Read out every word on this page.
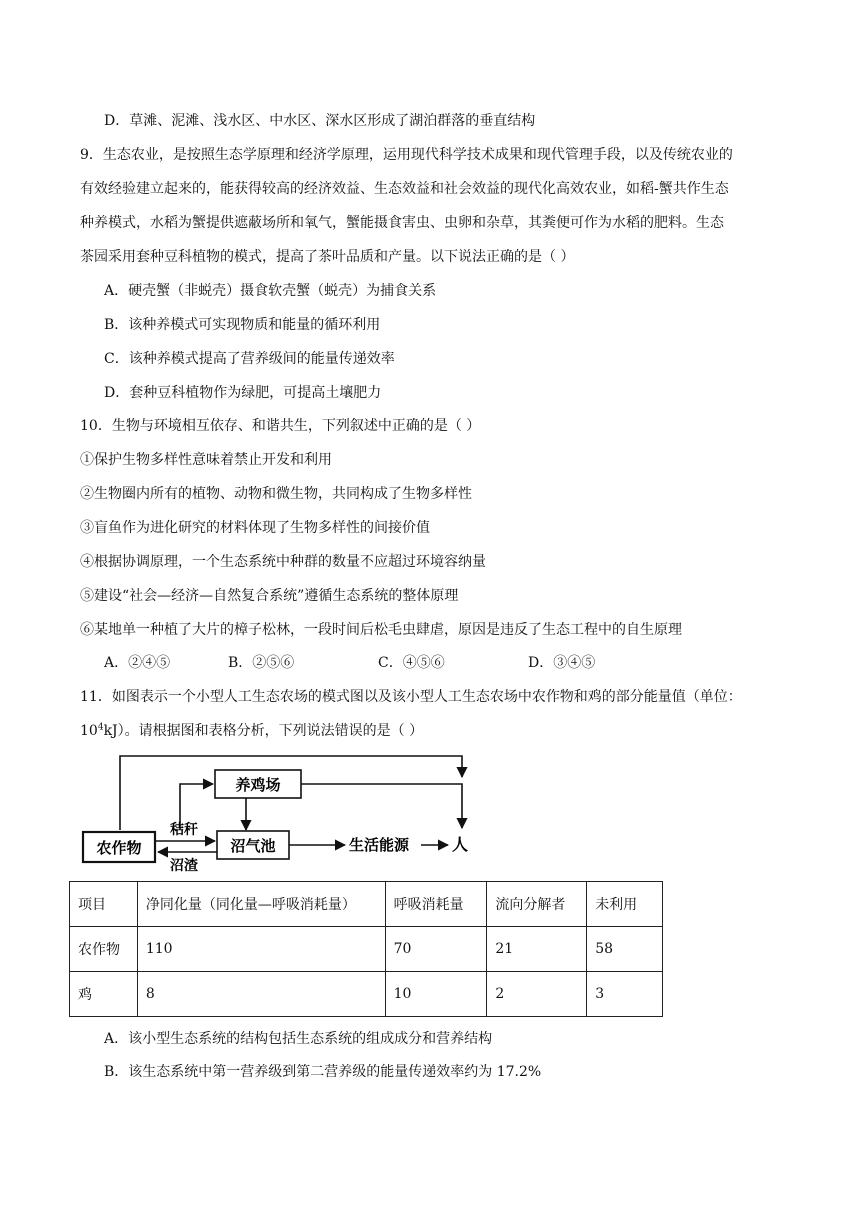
D．草滩、泥滩、浅水区、中水区、深水区形成了湖泊群落的垂直结构
9．生态农业，是按照生态学原理和经济学原理，运用现代科学技术成果和现代管理手段，以及传统农业的
有效经验建立起来的，能获得较高的经济效益、生态效益和社会效益的现代化高效农业，如稻-蟹共作生态
种养模式，水稻为蟹提供遮蔽场所和氧气，蟹能摄食害虫、虫卵和杂草，其粪便可作为水稻的肥料。生态
茶园采用套种豆科植物的模式，提高了茶叶品质和产量。以下说法正确的是（ ）
A．硬壳蟹（非蜕壳）摄食软壳蟹（蜕壳）为捕食关系
B．该种养模式可实现物质和能量的循环利用
C．该种养模式提高了营养级间的能量传递效率
D．套种豆科植物作为绿肥，可提高土壤肥力
10．生物与环境相互依存、和谐共生，下列叙述中正确的是（ ）
①保护生物多样性意味着禁止开发和利用
②生物圈内所有的植物、动物和微生物，共同构成了生物多样性
③盲鱼作为进化研究的材料体现了生物多样性的间接价值
④根据协调原理，一个生态系统中种群的数量不应超过环境容纳量
⑤建设“社会—经济—自然复合系统”遵循生态系统的整体原理
⑥某地单一种植了大片的樟子松林，一段时间后松毛虫肆虐，原因是违反了生态工程中的自生原理
A．②④⑤	B．②⑤⑥	C．④⑤⑥	D．③④⑤
11．如图表示一个小型人工生态农场的模式图以及该小型人工生态农场中农作物和鸡的部分能量值（单位：
$10^4kJ$）。请根据图和表格分析，下列说法错误的是（ ）
养鸡场
农作物	沼气池
秸秆
沼渣
生活能源	人
项目	净同化量（同化量—呼吸消耗量）	呼吸消耗量	流向分解者	未利用
农作物	110	70	21	58
鸡	8	10	2	3
A．该小型生态系统的结构包括生态系统的组成成分和营养结构
B．该生态系统中第一营养级到第二营养级的能量传递效率约为 17.2%
